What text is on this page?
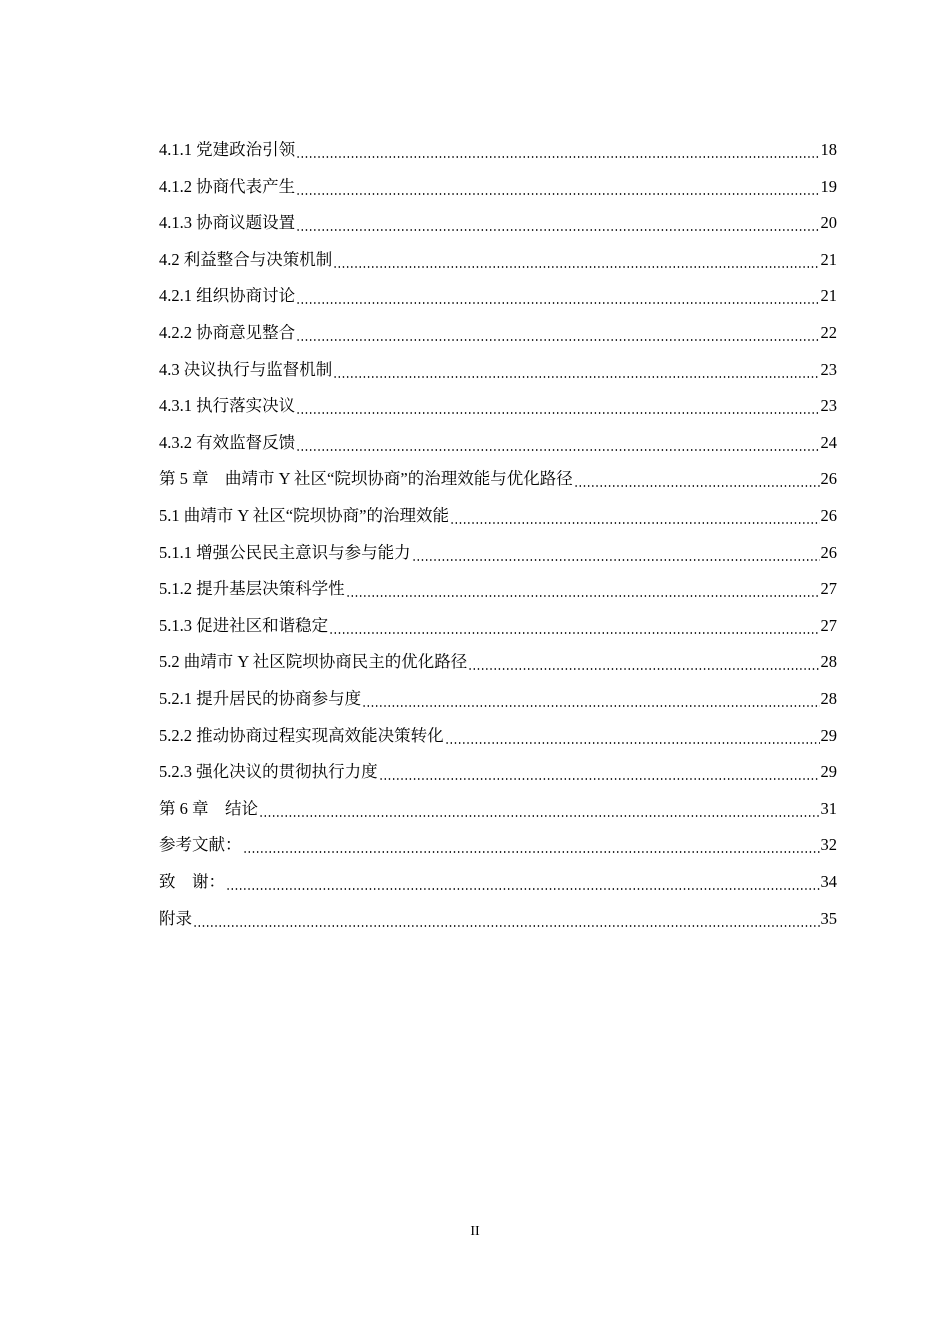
4.1.1 党建政治引领	18
4.1.2 协商代表产生	19
4.1.3 协商议题设置	20
4.2 利益整合与决策机制	21
4.2.1 组织协商讨论	21
4.2.2 协商意见整合	22
4.3 决议执行与监督机制	23
4.3.1 执行落实决议	23
4.3.2 有效监督反馈	24
第 5 章　曲靖市 Y 社区“院坝协商”的治理效能与优化路径	26
5.1 曲靖市 Y 社区“院坝协商”的治理效能	26
5.1.1 增强公民民主意识与参与能力	26
5.1.2 提升基层决策科学性	27
5.1.3 促进社区和谐稳定	27
5.2 曲靖市 Y 社区院坝协商民主的优化路径	28
5.2.1 提升居民的协商参与度	28
5.2.2 推动协商过程实现高效能决策转化	29
5.2.3 强化决议的贯彻执行力度	29
第 6 章　结论	31
参考文献：	32
致　谢：	34
附录	35
II
